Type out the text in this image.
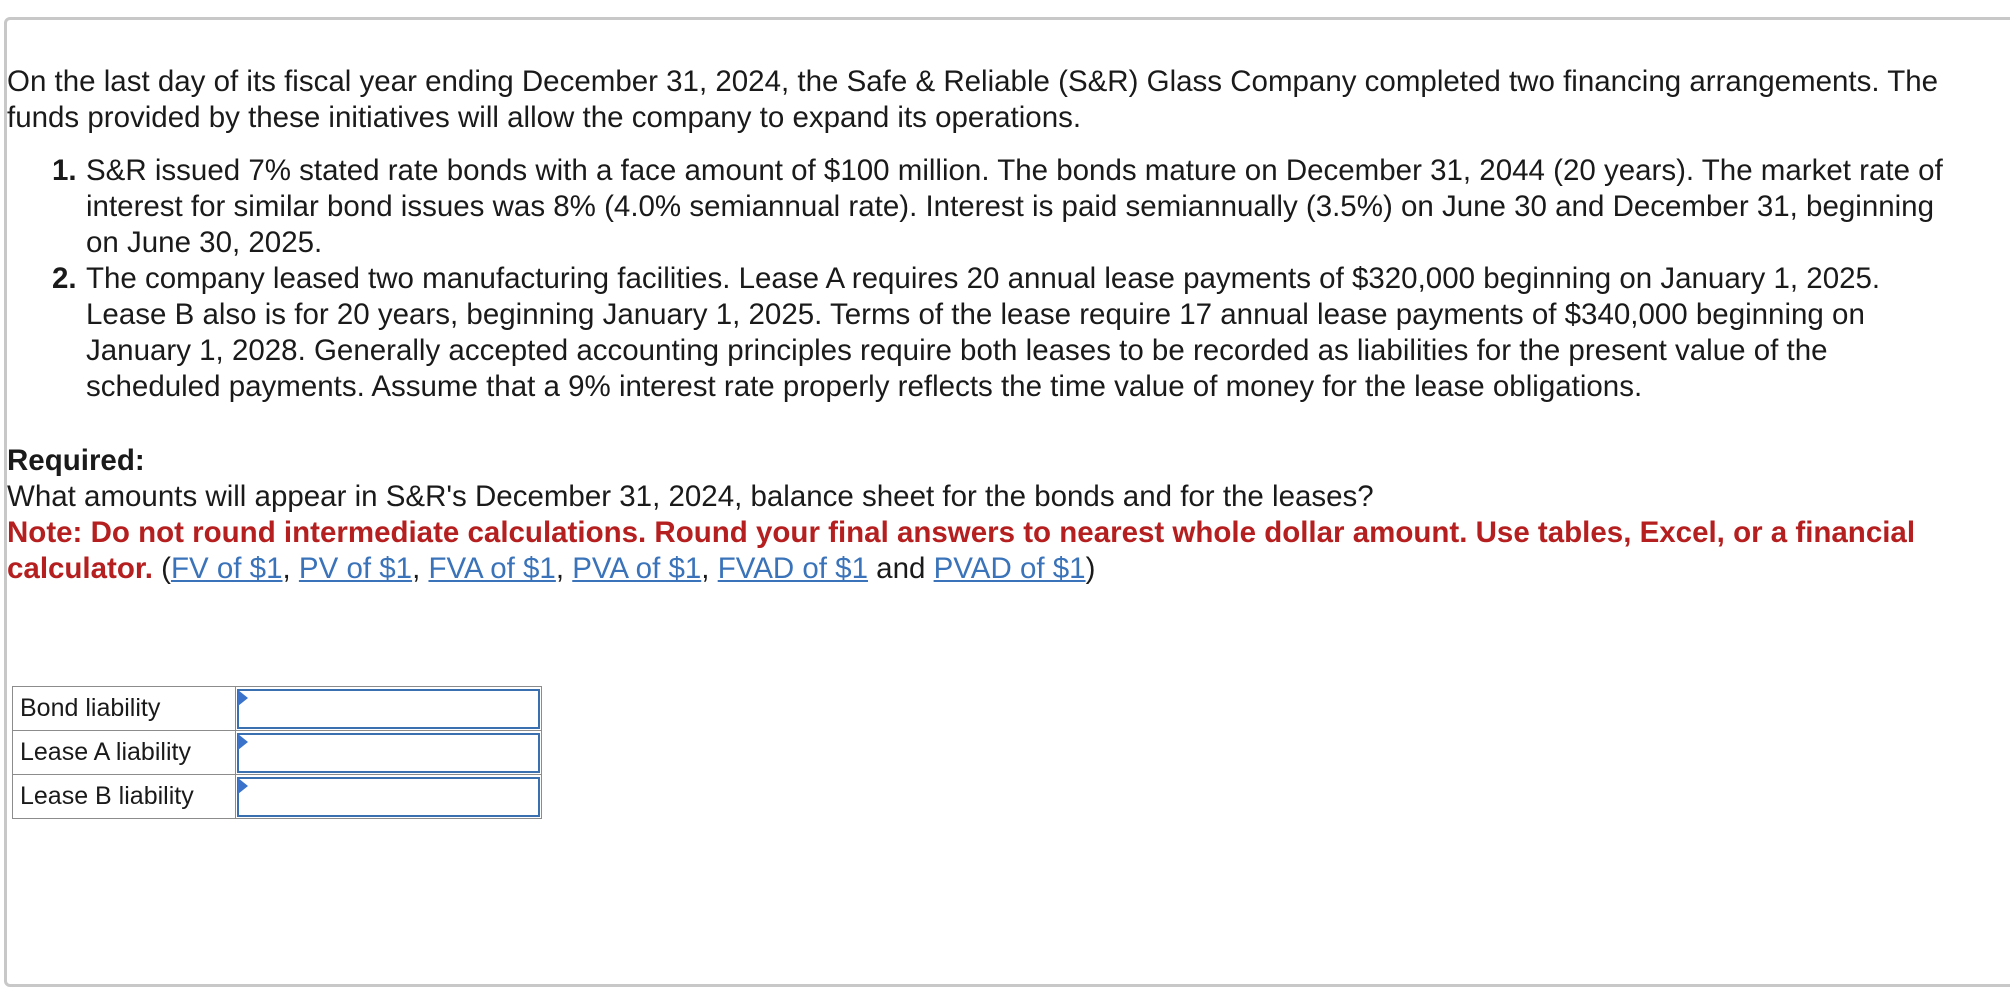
On the last day of its fiscal year ending December 31, 2024, the Safe & Reliable (S&R) Glass Company completed two financing arrangements. The funds provided by these initiatives will allow the company to expand its operations.

1. S&R issued 7% stated rate bonds with a face amount of $100 million. The bonds mature on December 31, 2044 (20 years). The market rate of interest for similar bond issues was 8% (4.0% semiannual rate). Interest is paid semiannually (3.5%) on June 30 and December 31, beginning on June 30, 2025.
2. The company leased two manufacturing facilities. Lease A requires 20 annual lease payments of $320,000 beginning on January 1, 2025. Lease B also is for 20 years, beginning January 1, 2025. Terms of the lease require 17 annual lease payments of $340,000 beginning on January 1, 2028. Generally accepted accounting principles require both leases to be recorded as liabilities for the present value of the scheduled payments. Assume that a 9% interest rate properly reflects the time value of money for the lease obligations.
Required:
What amounts will appear in S&R's December 31, 2024, balance sheet for the bonds and for the leases?
Note: Do not round intermediate calculations. Round your final answers to nearest whole dollar amount. Use tables, Excel, or a financial calculator. (FV of $1, PV of $1, FVA of $1, PVA of $1, FVAD of $1 and PVAD of $1)
Bond liability	

Lease A liability	

Lease B liability	
